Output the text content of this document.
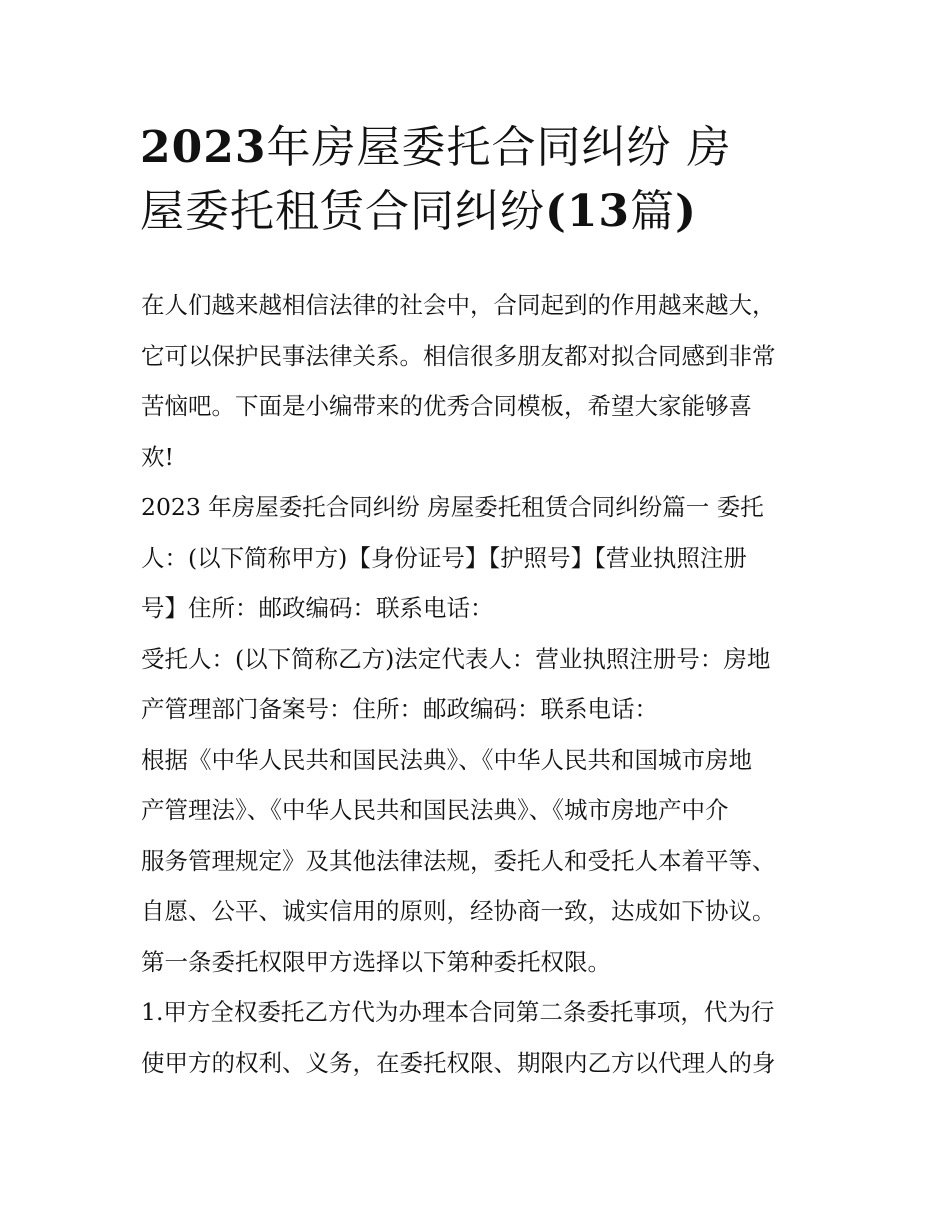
2023年房屋委托合同纠纷 房
屋委托租赁合同纠纷(13篇)

在人们越来越相信法律的社会中，合同起到的作用越来越大，

它可以保护民事法律关系。相信很多朋友都对拟合同感到非常

苦恼吧。下面是小编带来的优秀合同模板，希望大家能够喜

欢!

2023 年房屋委托合同纠纷 房屋委托租赁合同纠纷篇一 委托

人：(以下简称甲方)【身份证号】【护照号】【营业执照注册

号】住所：邮政编码：联系电话：

受托人：(以下简称乙方)法定代表人：营业执照注册号：房地

产管理部门备案号：住所：邮政编码：联系电话：

根据《中华人民共和国民法典》、《中华人民共和国城市房地

产管理法》、《中华人民共和国民法典》、《城市房地产中介

服务管理规定》及其他法律法规，委托人和受托人本着平等、

自愿、公平、诚实信用的原则，经协商一致，达成如下协议。

第一条委托权限甲方选择以下第种委托权限。

1.甲方全权委托乙方代为办理本合同第二条委托事项，代为行

使甲方的权利、义务，在委托权限、期限内乙方以代理人的身
